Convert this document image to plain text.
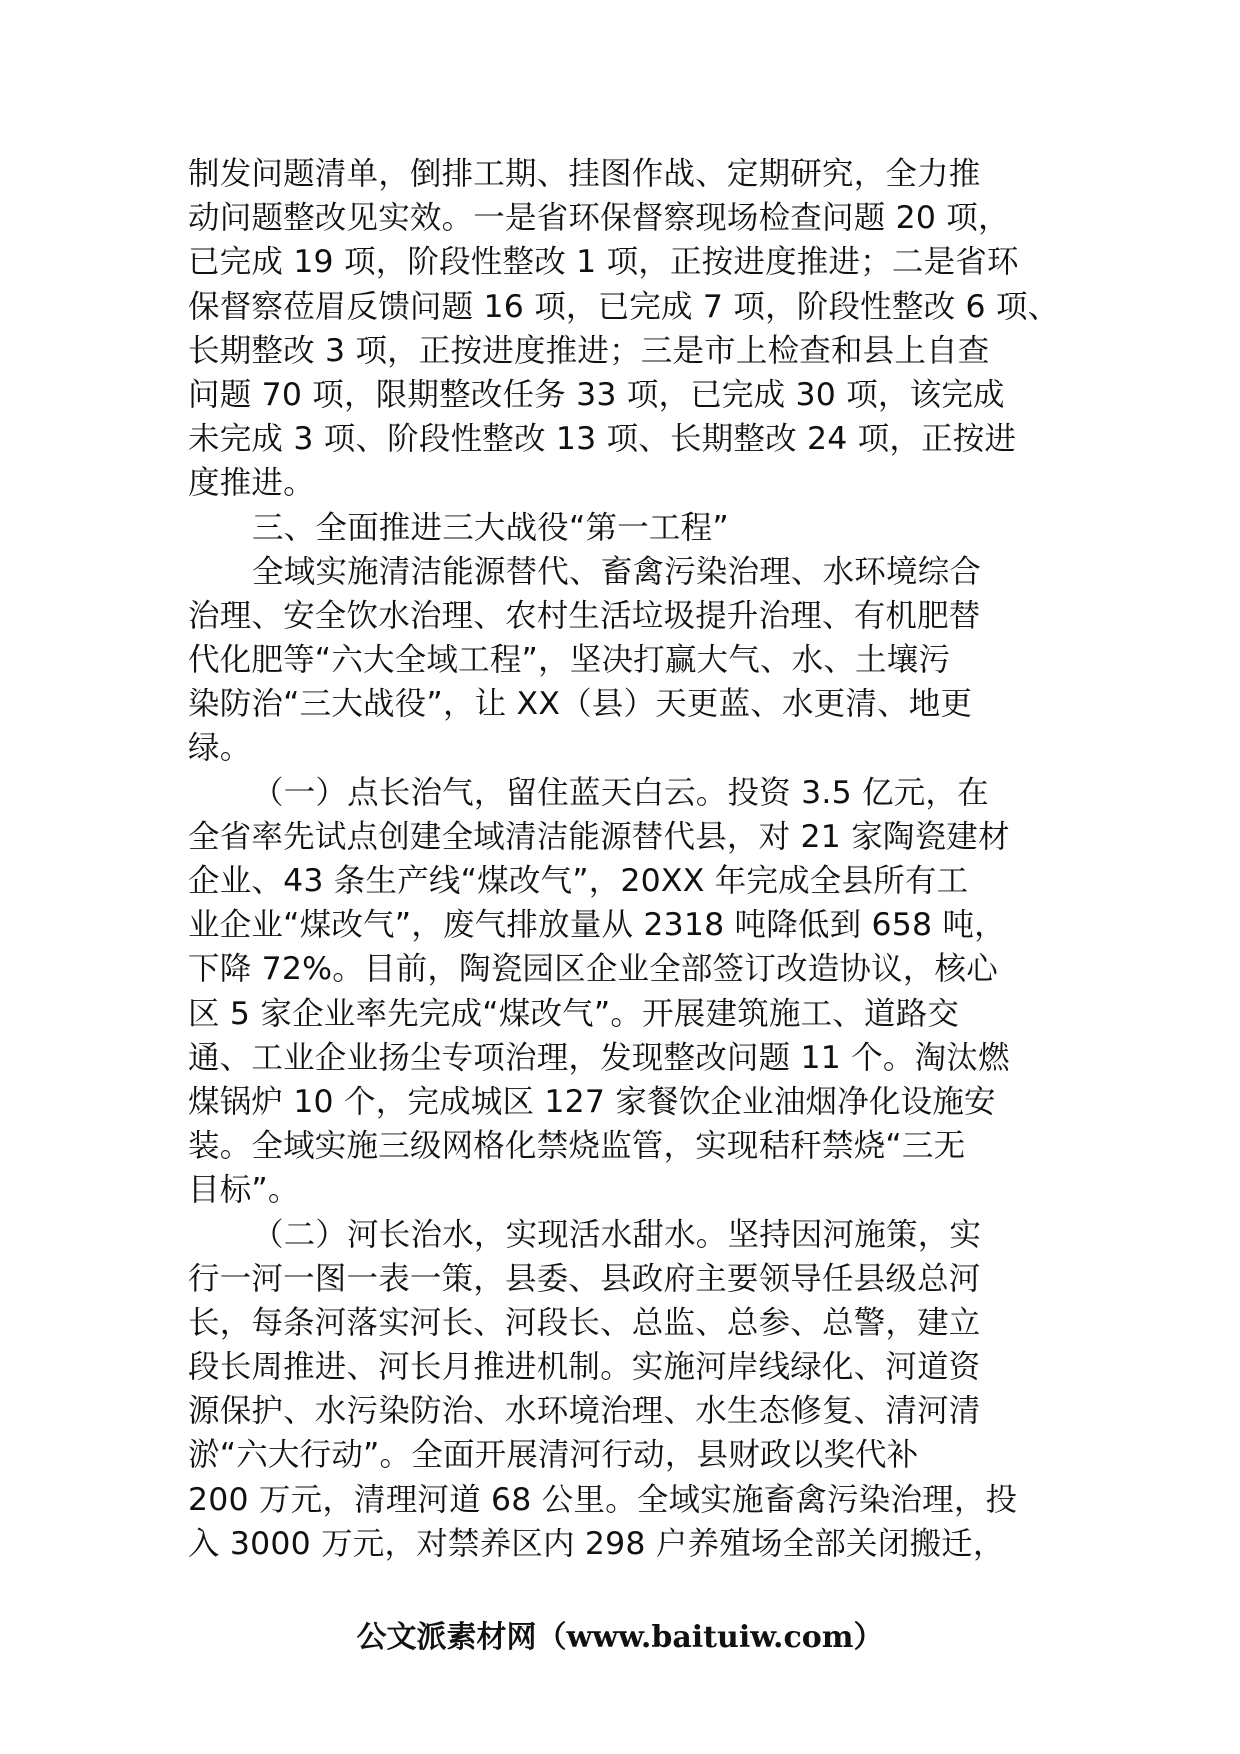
制发问题清单，倒排工期、挂图作战、定期研究，全力推
动问题整改见实效。一是省环保督察现场检查问题 20 项，
已完成 19 项，阶段性整改 1 项，正按进度推进；二是省环
保督察莅眉反馈问题 16 项，已完成 7 项，阶段性整改 6 项、
长期整改 3 项，正按进度推进；三是市上检查和县上自查
问题 70 项，限期整改任务 33 项，已完成 30 项，该完成
未完成 3 项、阶段性整改 13 项、长期整改 24 项，正按进
度推进。
三、全面推进三大战役“第一工程”
全域实施清洁能源替代、畜禽污染治理、水环境综合
治理、安全饮水治理、农村生活垃圾提升治理、有机肥替
代化肥等“六大全域工程”，坚决打赢大气、水、土壤污
染防治“三大战役”，让 XX（县）天更蓝、水更清、地更
绿。
（一）点长治气，留住蓝天白云。投资 3.5 亿元，在
全省率先试点创建全域清洁能源替代县，对 21 家陶瓷建材
企业、43 条生产线“煤改气”，20XX 年完成全县所有工
业企业“煤改气”，废气排放量从 2318 吨降低到 658 吨，
下降 72%。目前，陶瓷园区企业全部签订改造协议，核心
区 5 家企业率先完成“煤改气”。开展建筑施工、道路交
通、工业企业扬尘专项治理，发现整改问题 11 个。淘汰燃
煤锅炉 10 个，完成城区 127 家餐饮企业油烟净化设施安
装。全域实施三级网格化禁烧监管，实现秸秆禁烧“三无
目标”。
（二）河长治水，实现活水甜水。坚持因河施策，实
行一河一图一表一策，县委、县政府主要领导任县级总河
长，每条河落实河长、河段长、总监、总参、总警，建立
段长周推进、河长月推进机制。实施河岸线绿化、河道资
源保护、水污染防治、水环境治理、水生态修复、清河清
淤“六大行动”。全面开展清河行动，县财政以奖代补
200 万元，清理河道 68 公里。全域实施畜禽污染治理，投
入 3000 万元，对禁养区内 298 户养殖场全部关闭搬迁，
公文派素材网（www.baituiw.com）
